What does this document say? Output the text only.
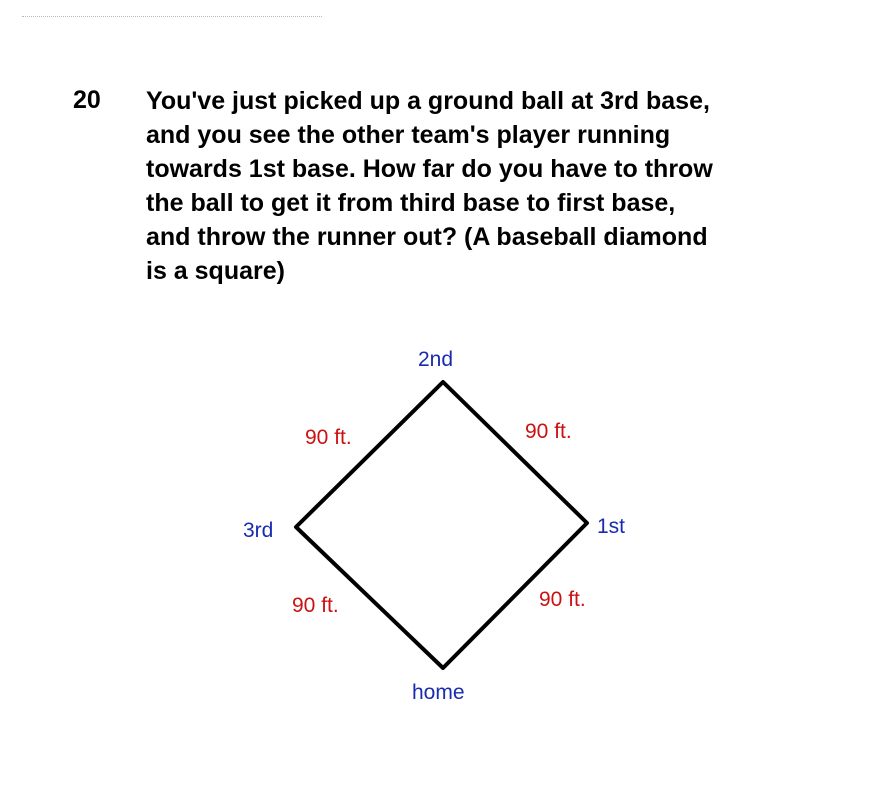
20 You've just picked up a ground ball at 3rd base,
and you see the other team's player running
towards 1st base. How far do you have to throw
the ball to get it from third base to first base,
and throw the runner out? (A baseball diamond
is a square)

2nd
3rd	1st
home
90 ft.	90 ft.
90 ft.	90 ft.
